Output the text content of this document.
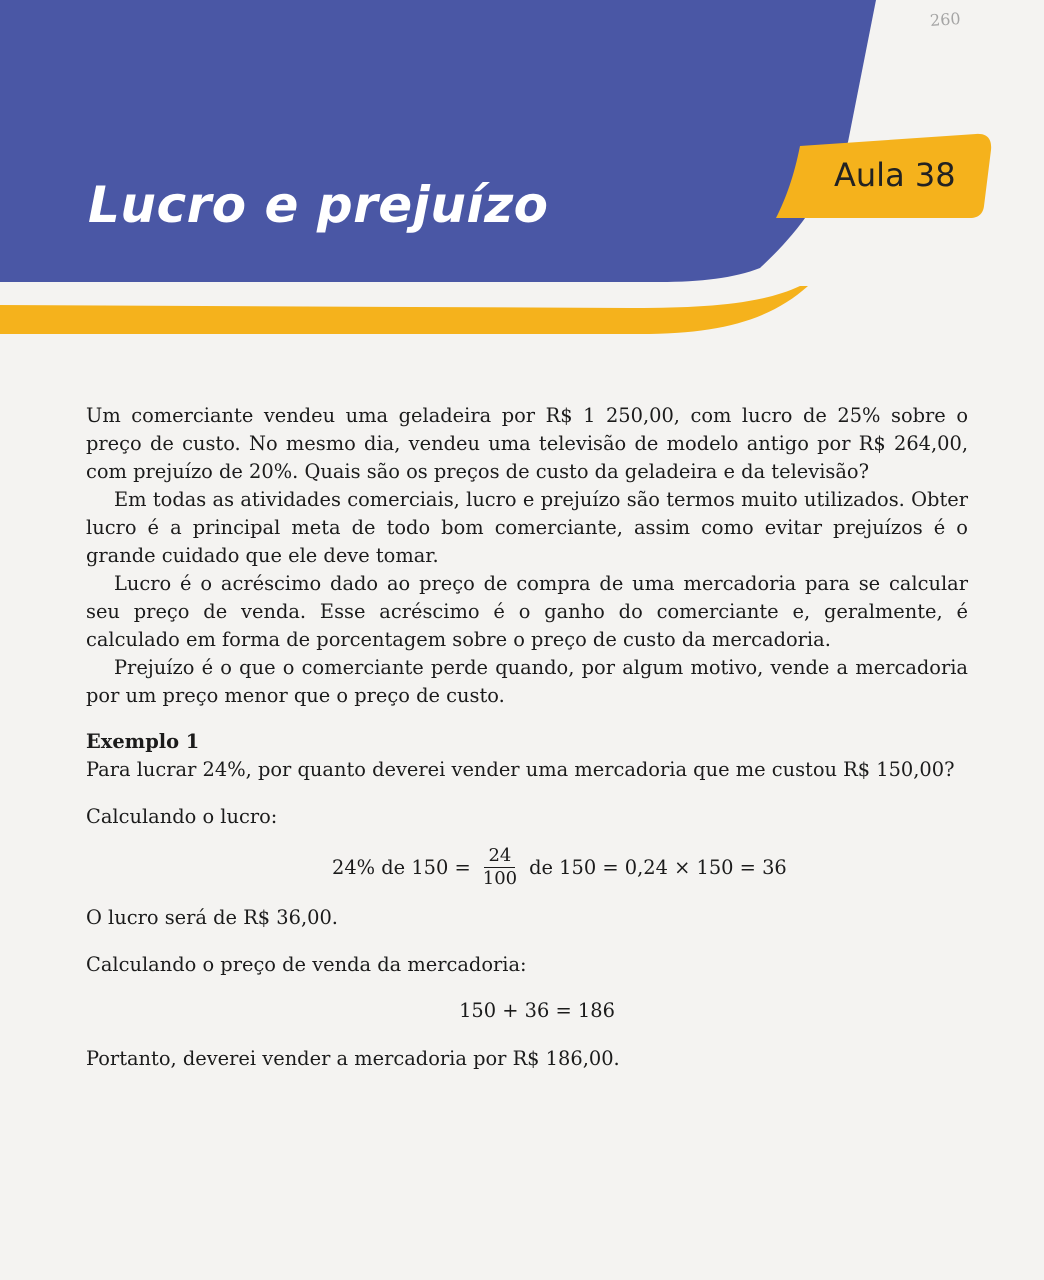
260
Lucro e prejuízo
Aula 38

Um comerciante vendeu uma geladeira por R$ 1 250,00, com lucro de 25% sobre o preço de custo. No mesmo dia, vendeu uma televisão de modelo antigo por R$ 264,00, com prejuízo de 20%. Quais são os preços de custo da geladeira e da televisão?

Em todas as atividades comerciais, lucro e prejuízo são termos muito utilizados. Obter lucro é a principal meta de todo bom comerciante, assim como evitar prejuízos é o grande cuidado que ele deve tomar.

Lucro é o acréscimo dado ao preço de compra de uma mercadoria para se calcular seu preço de venda. Esse acréscimo é o ganho do comerciante e, geralmente, é calculado em forma de porcentagem sobre o preço de custo da mercadoria.

Prejuízo é o que o comerciante perde quando, por algum motivo, vende a mercadoria por um preço menor que o preço de custo.

Exemplo 1

Para lucrar 24%, por quanto deverei vender uma mercadoria que me custou R$ 150,00?

Calculando o lucro:

24% de $150 = \frac{24}{100}$ de 150 = 0,24 × 150 = 36

O lucro será de R$ 36,00.

Calculando o preço de venda da mercadoria:

150 + 36 = 186

Portanto, deverei vender a mercadoria por R$ 186,00.
